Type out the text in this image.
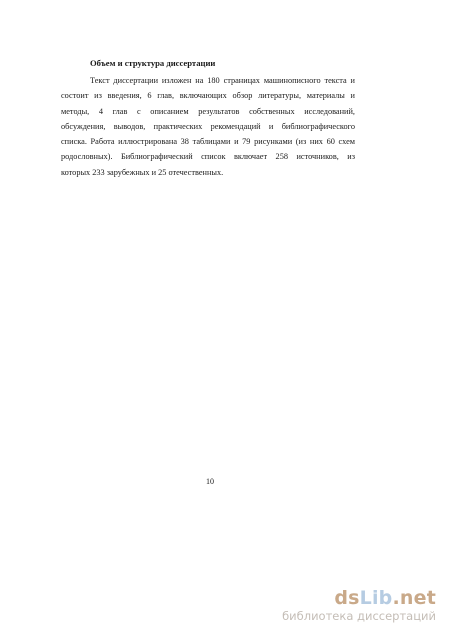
Объем и структура диссертации
Текст диссертации изложен на 180 страницах машинописного текста и
состоит из введения, 6 глав, включающих обзор литературы, материалы и
методы, 4 глав с описанием результатов собственных исследований,
обсуждения, выводов, практических рекомендаций и библиографического
списка. Работа иллюстрирована 38 таблицами и 79 рисунками (из них 60 схем
родословных). Библиографический список включает 258 источников, из
которых 233 зарубежных и 25 отечественных.
10
dsLib.net
библиотека диссертаций
